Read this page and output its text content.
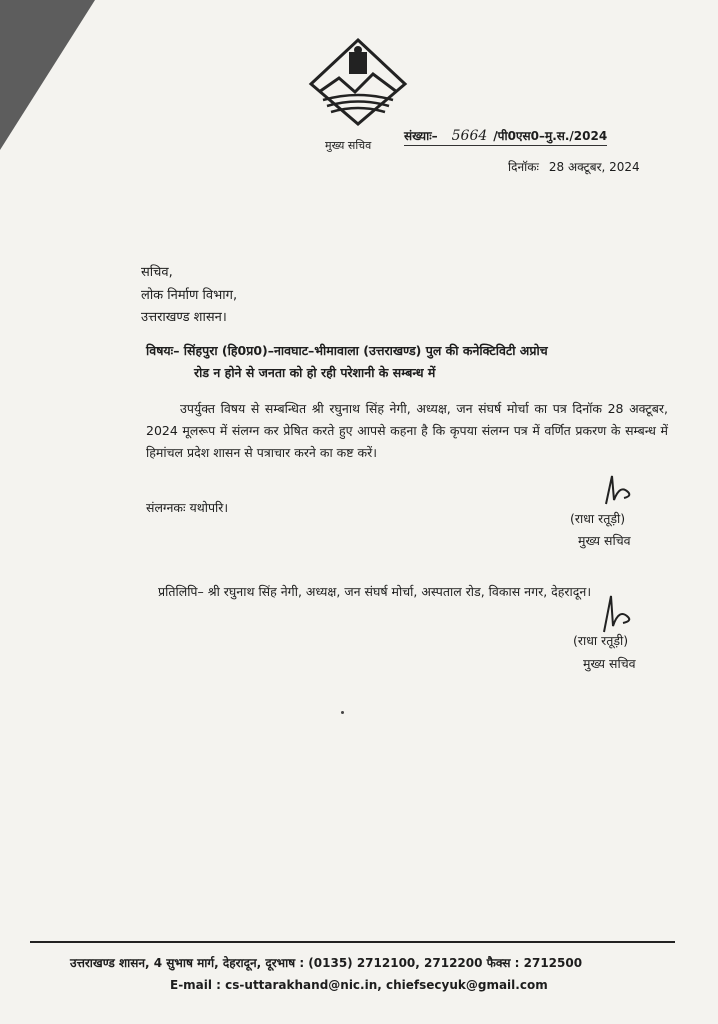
मुख्य सचिव
संख्याः– 5664 /पी0एस0–मु.स./2024
दिनॉकः 28 अक्टूबर, 2024
सचिव,
लोक निर्माण विभाग,
उत्तराखण्ड शासन।
विषयः– सिंहपुरा (हि0प्र0)–नावघाट–भीमावाला (उत्तराखण्ड) पुल की कनेक्टिविटी अप्रोच
रोड न होने से जनता को हो रही परेशानी के सम्बन्ध में

उपर्युक्त विषय से सम्बन्धित श्री रघुनाथ सिंह नेगी, अध्यक्ष, जन संघर्ष मोर्चा का पत्र दिनॉक 28 अक्टूबर, 2024 मूलरूप में संलग्न कर प्रेषित करते हुए आपसे कहना है कि कृपया संलग्न पत्र में वर्णित प्रकरण के सम्बन्ध में हिमांचल प्रदेश शासन से पत्राचार करने का कष्ट करें।

संलग्नकः यथोपरि।
(राधा रतूड़ी)
मुख्य सचिव
प्रतिलिपि– श्री रघुनाथ सिंह नेगी, अध्यक्ष, जन संघर्ष मोर्चा, अस्पताल रोड, विकास नगर, देहरादून।
(राधा रतूड़ी)
मुख्य सचिव
उत्तराखण्ड शासन, 4 सुभाष मार्ग, देहरादून, दूरभाष : (0135) 2712100, 2712200 फैक्स : 2712500
E-mail : cs-uttarakhand@nic.in, chiefsecyuk@gmail.com
